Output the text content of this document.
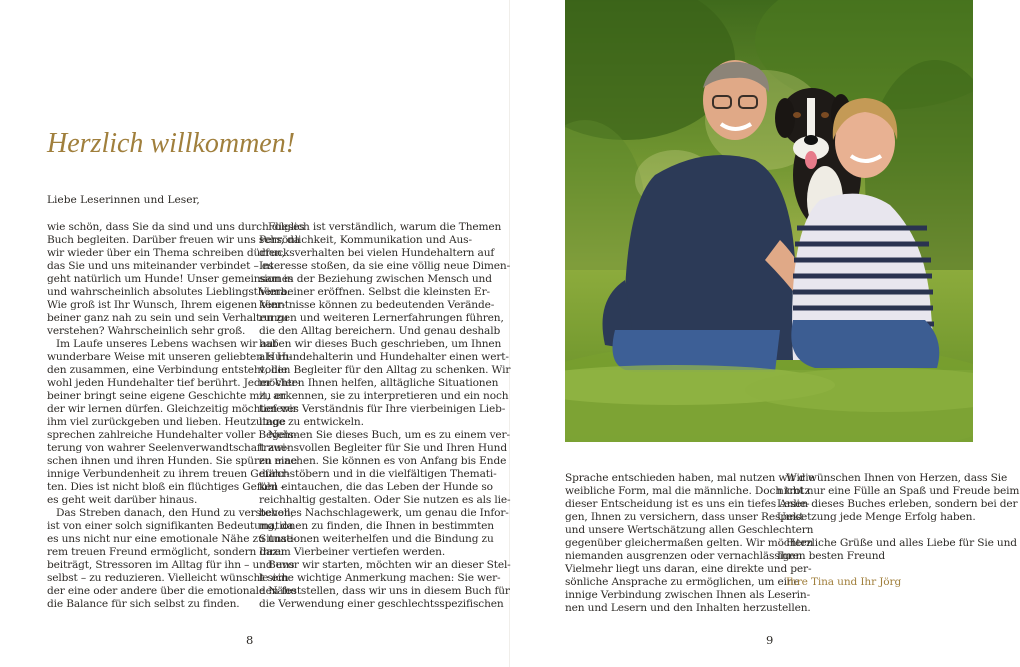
Herzlich willkommen!
Liebe Leserinnen und Leser,

wie schön, dass Sie da sind und uns durch dieses

Buch begleiten. Darüber freuen wir uns sehr, da

wir wieder über ein Thema schreiben dürfen,

das Sie und uns miteinander verbindet – es

geht natürlich um Hunde! Unser gemeinsames

und wahrscheinlich absolutes Lieblingsthema.

Wie groß ist Ihr Wunsch, Ihrem eigenen Vier-

beiner ganz nah zu sein und sein Verhalten zu

verstehen? Wahrscheinlich sehr groß.

Im Laufe unseres Lebens wachsen wir auf

wunderbare Weise mit unseren geliebten Hun-

den zusammen, eine Verbindung entsteht, die

wohl jeden Hundehalter tief berührt. Jeder Vier-

beiner bringt seine eigene Geschichte mit, an

der wir lernen dürfen. Gleichzeitig möchten wir

ihm viel zurückgeben und lieben. Heutzutage

sprechen zahlreiche Hundehalter voller Begeis-

terung von wahrer Seelenverwandtschaft zwi-

schen ihnen und ihren Hunden. Sie spüren eine

innige Verbundenheit zu ihrem treuen Gefähr-

ten. Dies ist nicht bloß ein flüchtiges Gefühl –

es geht weit darüber hinaus.

Das Streben danach, den Hund zu verstehen,

ist von einer solch signifikanten Bedeutung, da

es uns nicht nur eine emotionale Nähe zu unse-

rem treuen Freund ermöglicht, sondern dazu

beiträgt, Stressoren im Alltag für ihn – und uns

selbst – zu reduzieren. Vielleicht wünscht sich

der eine oder andere über die emotionale Nähe

die Balance für sich selbst zu finden.

Folglich ist verständlich, warum die Themen

Persönlichkeit, Kommunikation und Aus-

drucksverhalten bei vielen Hundehaltern auf

Interesse stoßen, da sie eine völlig neue Dimen-

sion in der Beziehung zwischen Mensch und

Vierbeiner eröffnen. Selbst die kleinsten Er-

kenntnisse können zu bedeutenden Verände-

rungen und weiteren Lernerfahrungen führen,

die den Alltag bereichern. Und genau deshalb

haben wir dieses Buch geschrieben, um Ihnen

als Hundehalterin und Hundehalter einen wert-

vollen Begleiter für den Alltag zu schenken. Wir

möchten Ihnen helfen, alltägliche Situationen

zu erkennen, sie zu interpretieren und ein noch

tieferes Verständnis für Ihre vierbeinigen Lieb-

linge zu entwickeln.

Nehmen Sie dieses Buch, um es zu einem ver-

trauensvollen Begleiter für Sie und Ihren Hund

zu machen. Sie können es von Anfang bis Ende

durchstöbern und in die vielfältigen Themati-

ken eintauchen, die das Leben der Hunde so

reichhaltig gestalten. Oder Sie nutzen es als lie-

bevolles Nachschlagewerk, um genau die Infor-

mationen zu finden, die Ihnen in bestimmten

Situationen weiterhelfen und die Bindung zu

Ihrem Vierbeiner vertiefen werden.

Bevor wir starten, möchten wir an dieser Stel-

le eine wichtige Anmerkung machen: Sie wer-

den feststellen, dass wir uns in diesem Buch für

die Verwendung einer geschlechtsspezifischen

8

Sprache entschieden haben, mal nutzen wir die

weibliche Form, mal die männliche. Doch trotz

dieser Entscheidung ist es uns ein tiefes Anlie-

gen, Ihnen zu versichern, dass unser Respekt

und unsere Wertschätzung allen Geschlechtern

gegenüber gleichermaßen gelten. Wir möchten

niemanden ausgrenzen oder vernachlässigen.

Vielmehr liegt uns daran, eine direkte und per-

sönliche Ansprache zu ermöglichen, um eine

innige Verbindung zwischen Ihnen als Leserin-

nen und Lesern und den Inhalten herzustellen.

Wir wünschen Ihnen von Herzen, dass Sie

nicht nur eine Fülle an Spaß und Freude beim

Lesen dieses Buches erleben, sondern bei der

Umsetzung jede Menge Erfolg haben.

Herzliche Grüße und alles Liebe für Sie und

Ihren besten Freund

Ihre Tina und Ihr Jörg

9
